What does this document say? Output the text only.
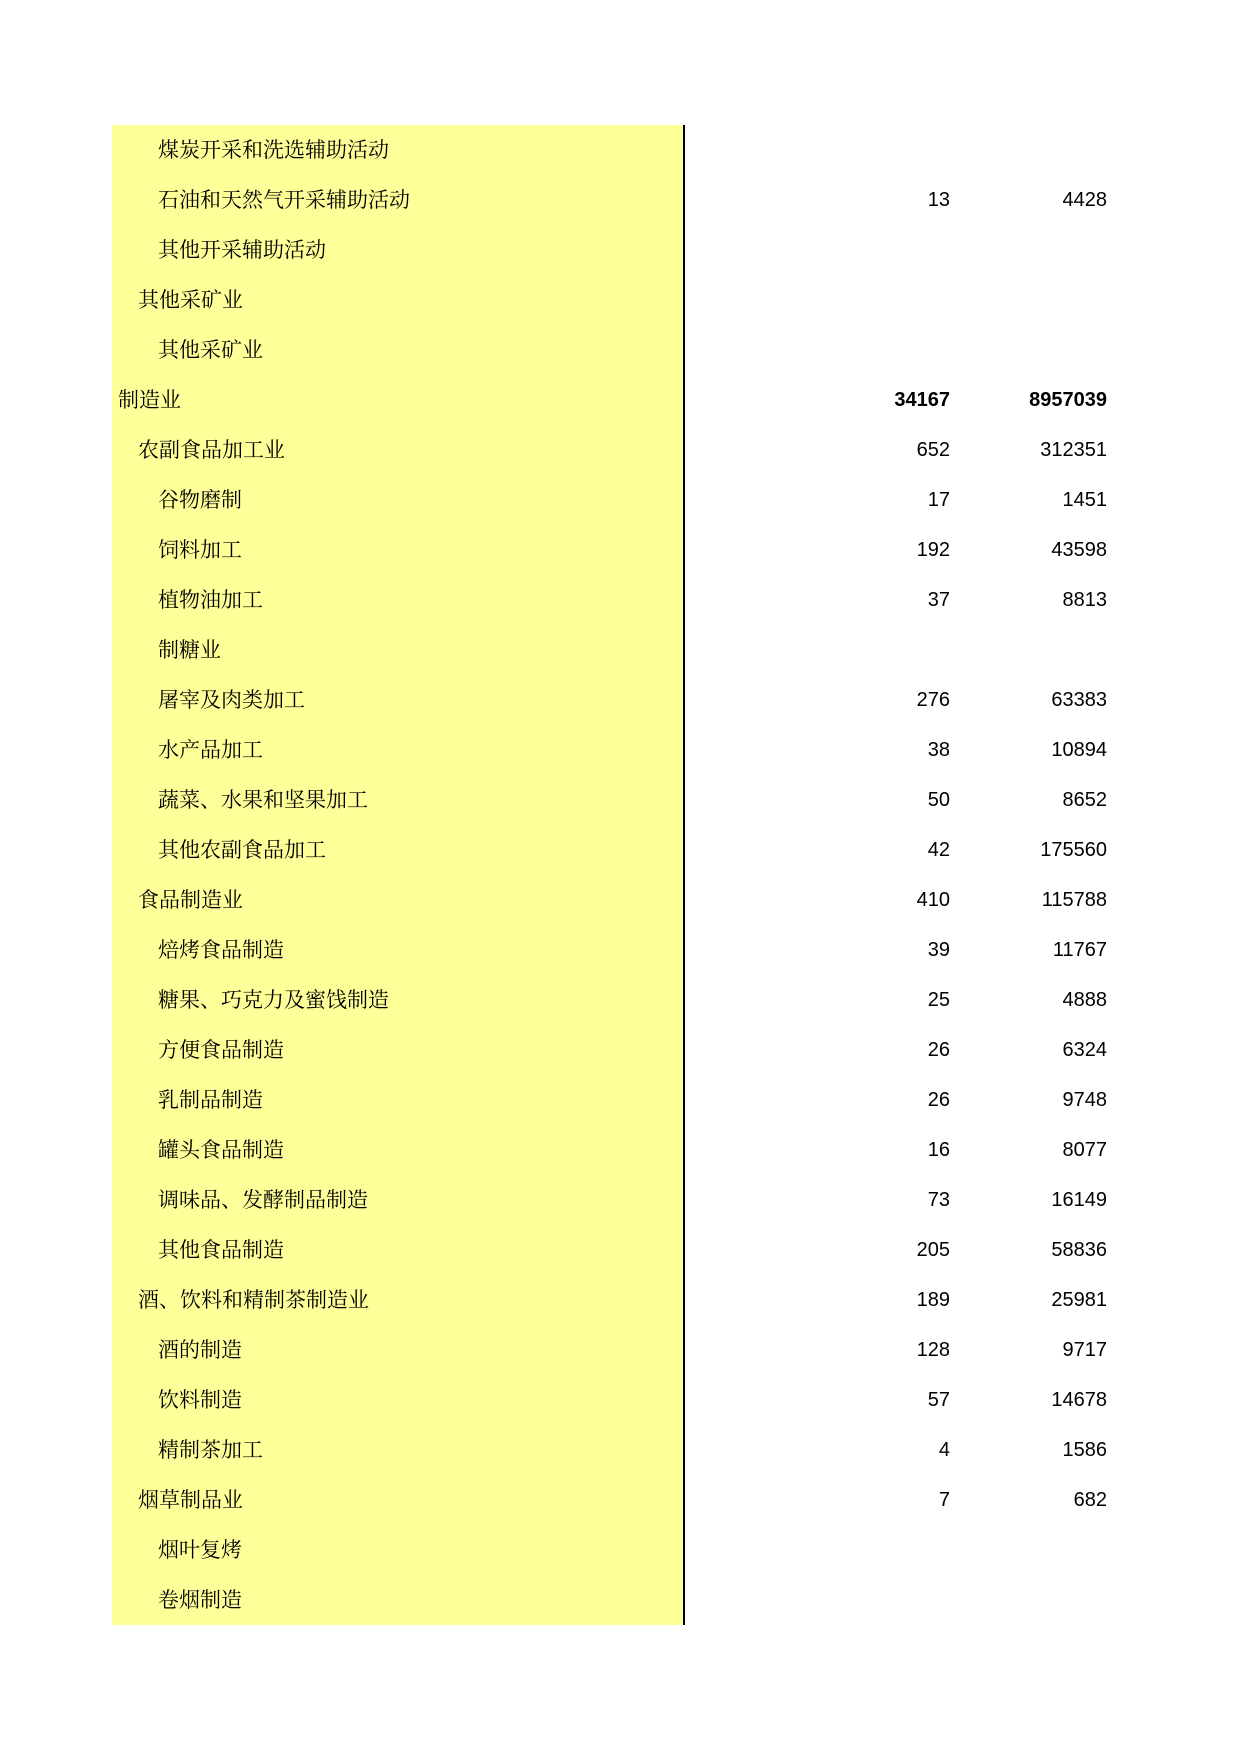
煤炭开采和洗选辅助活动
石油和天然气开采辅助活动	13	4428
其他开采辅助活动
其他采矿业
其他采矿业
制造业	34167	8957039
农副食品加工业	652	312351
谷物磨制	17	1451
饲料加工	192	43598
植物油加工	37	8813
制糖业
屠宰及肉类加工	276	63383
水产品加工	38	10894
蔬菜、水果和坚果加工	50	8652
其他农副食品加工	42	175560
食品制造业	410	115788
焙烤食品制造	39	11767
糖果、巧克力及蜜饯制造	25	4888
方便食品制造	26	6324
乳制品制造	26	9748
罐头食品制造	16	8077
调味品、发酵制品制造	73	16149
其他食品制造	205	58836
酒、饮料和精制茶制造业	189	25981
酒的制造	128	9717
饮料制造	57	14678
精制茶加工	4	1586
烟草制品业	7	682
烟叶复烤
卷烟制造
